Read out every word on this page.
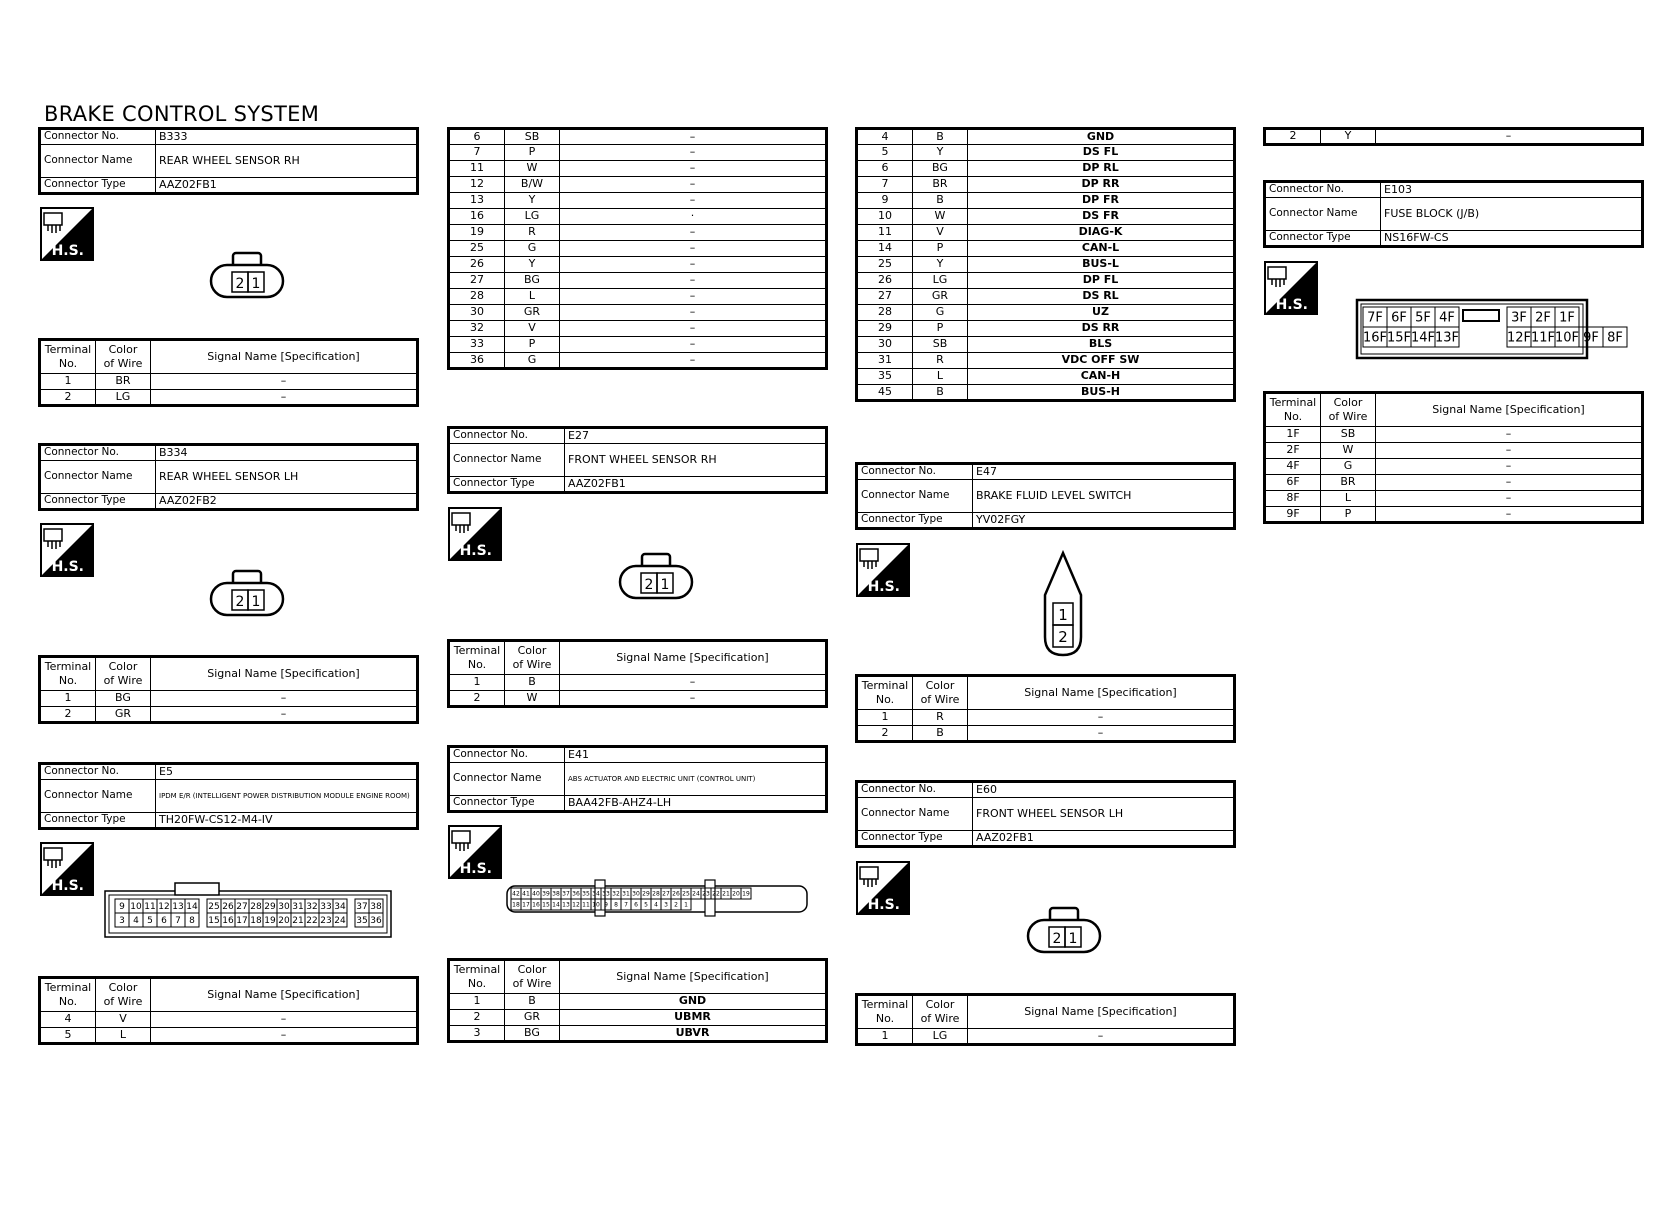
BRAKE CONTROL SYSTEM
Connector No.	B333
Connector Name	REAR WHEEL SENSOR RH
Connector Type	AAZ02FB1
H.S.
2 1
Terminal
No.	Color
of Wire	Signal Name [Specification]
1	BR	–
2	LG	–
Connector No.	B334
Connector Name	REAR WHEEL SENSOR LH
Connector Type	AAZ02FB2
H.S.
2 1
Terminal
No.	Color
of Wire	Signal Name [Specification]
1	BG	–
2	GR	–
Connector No.	E5
Connector Name	IPDM E/R (INTELLIGENT POWER DISTRIBUTION MODULE ENGINE ROOM)
Connector Type	TH20FW-CS12-M4-IV
H.S.
9 10 11 12 13 14 25 26 27 28 29 30 31 32 33 34 37 38
3 4 5 6 7 8 15 16 17 18 19 20 21 22 23 24 35 36
Terminal
No.	Color
of Wire	Signal Name [Specification]
4	V	–
5	L	–
6	SB	–
7	P	–
11	W	–
12	B/W	–
13	Y	–
16	LG	·
19	R	–
25	G	–
26	Y	–
27	BG	–
28	L	–
30	GR	–
32	V	–
33	P	–
36	G	–
Connector No.	E27
Connector Name	FRONT WHEEL SENSOR RH
Connector Type	AAZ02FB1
H.S.
2 1
Terminal
No.	Color
of Wire	Signal Name [Specification]
1	B	–
2	W	–
Connector No.	E41
Connector Name	ABS ACTUATOR AND ELECTRIC UNIT (CONTROL UNIT)
Connector Type	BAA42FB-AHZ4-LH
H.S.
42 41 40 39 38 37 36 35 34 33 32 31 30 29 28 27 26 25 24 23 22 21 20 19
18 17 16 15 14 13 12 11 10 9 8 7 6 5 4 3 2 1
Terminal
No.	Color
of Wire	Signal Name [Specification]
1	B	GND
2	GR	UBMR
3	BG	UBVR
4	B	GND
5	Y	DS FL
6	BG	DP RL
7	BR	DP RR
9	B	DP FR
10	W	DS FR
11	V	DIAG-K
14	P	CAN-L
25	Y	BUS-L
26	LG	DP FL
27	GR	DS RL
28	G	UZ
29	P	DS RR
30	SB	BLS
31	R	VDC OFF SW
35	L	CAN-H
45	B	BUS-H
Connector No.	E47
Connector Name	BRAKE FLUID LEVEL SWITCH
Connector Type	YV02FGY
H.S.
1
2
Terminal
No.	Color
of Wire	Signal Name [Specification]
1	R	–
2	B	–
Connector No.	E60
Connector Name	FRONT WHEEL SENSOR LH
Connector Type	AAZ02FB1
H.S.
2 1
Terminal
No.	Color
of Wire	Signal Name [Specification]
1	LG	–
2	Y	–
Connector No.	E103
Connector Name	FUSE BLOCK (J/B)
Connector Type	NS16FW-CS
H.S.
7F 6F 5F 4F	3F 2F 1F
16F 15F 14F 13F	12F 11F 10F 9F 8F
Terminal
No.	Color
of Wire	Signal Name [Specification]
1F	SB	–
2F	W	–
4F	G	–
6F	BR	–
8F	L	–
9F	P	–
